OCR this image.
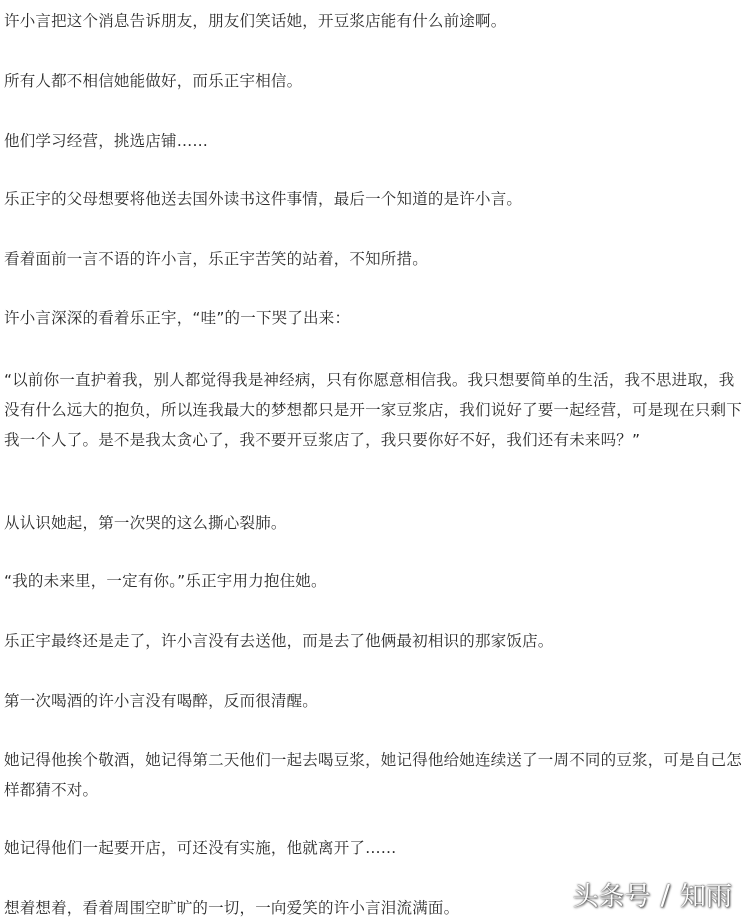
许小言把这个消息告诉朋友，朋友们笑话她，开豆浆店能有什么前途啊。

所有人都不相信她能做好，而乐正宇相信。

他们学习经营，挑选店铺……

乐正宇的父母想要将他送去国外读书这件事情，最后一个知道的是许小言。

看着面前一言不语的许小言，乐正宇苦笑的站着，不知所措。

许小言深深的看着乐正宇，“哇”的一下哭了出来：

“以前你一直护着我，别人都觉得我是神经病，只有你愿意相信我。我只想要简单的生活，我不思进取，我没有什么远大的抱负，所以连我最大的梦想都只是开一家豆浆店，我们说好了要一起经营，可是现在只剩下我一个人了。是不是我太贪心了，我不要开豆浆店了，我只要你好不好，我们还有未来吗？”

从认识她起，第一次哭的这么撕心裂肺。

“我的未来里，一定有你。”乐正宇用力抱住她。

乐正宇最终还是走了，许小言没有去送他，而是去了他俩最初相识的那家饭店。

第一次喝酒的许小言没有喝醉，反而很清醒。

她记得他挨个敬酒，她记得第二天他们一起去喝豆浆，她记得他给她连续送了一周不同的豆浆，可是自己怎样都猜不对。

她记得他们一起要开店，可还没有实施，他就离开了……

想着想着，看着周围空旷旷的一切，一向爱笑的许小言泪流满面。	头条号 / 知雨
